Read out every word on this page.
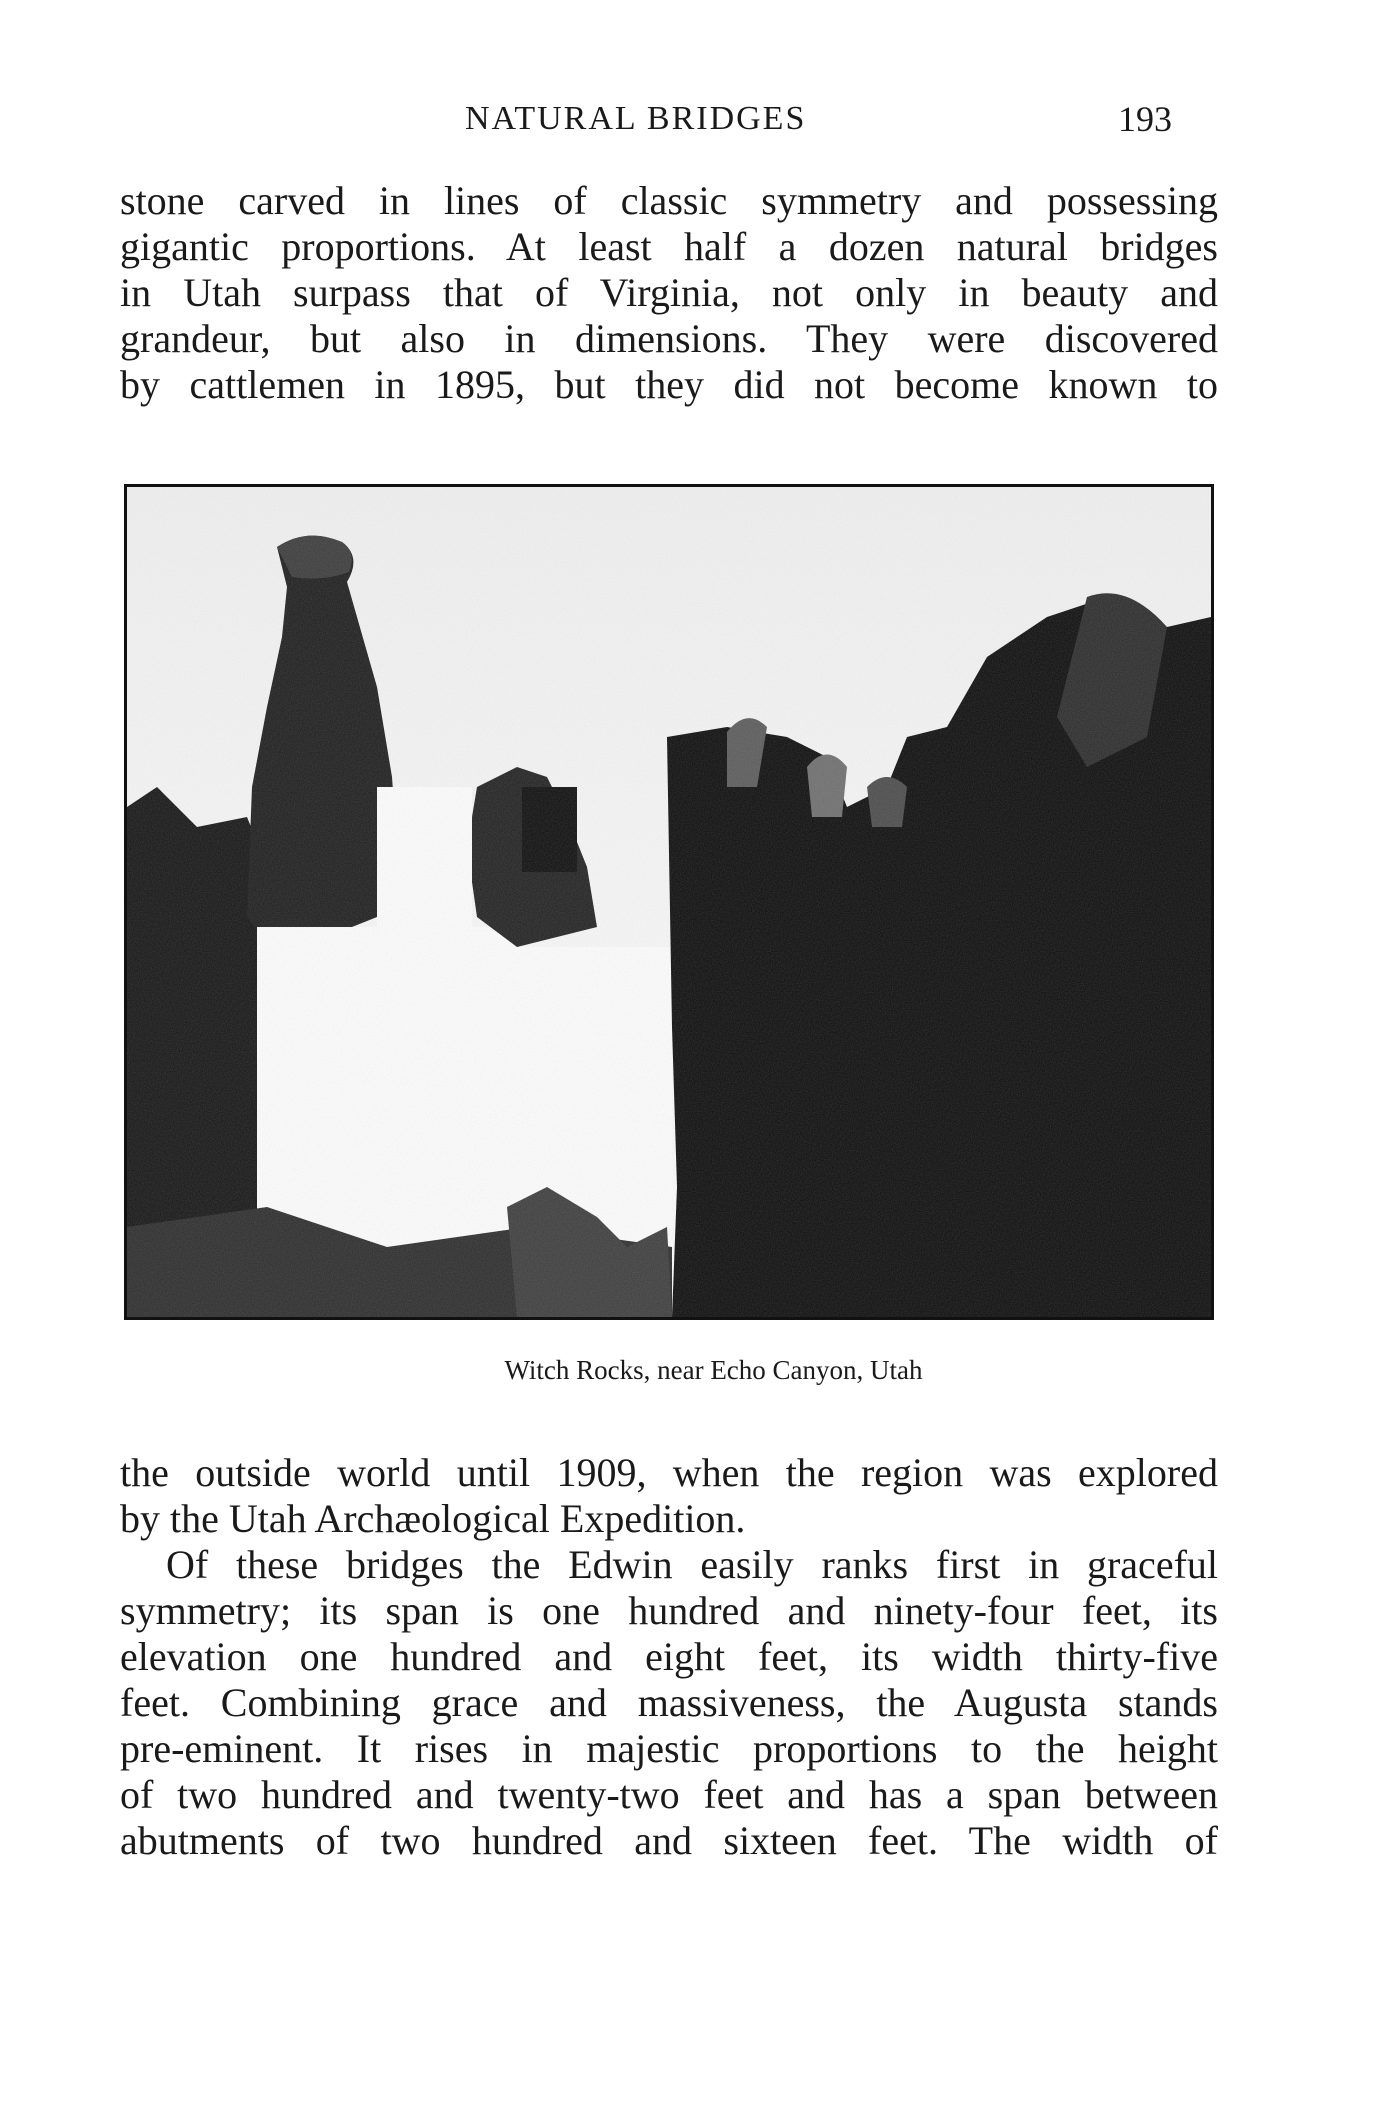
NATURAL BRIDGES	193
stone carved in lines of classic symmetry and possessing
gigantic proportions. At least half a dozen natural bridges
in Utah surpass that of Virginia, not only in beauty and
grandeur, but also in dimensions. They were discovered
by cattlemen in 1895, but they did not become known to
Witch Rocks, near Echo Canyon, Utah
the outside world until 1909, when the region was explored
by the Utah Archæological Expedition.
Of these bridges the Edwin easily ranks first in graceful
symmetry; its span is one hundred and ninety-four feet, its
elevation one hundred and eight feet, its width thirty-five
feet. Combining grace and massiveness, the Augusta stands
pre-eminent. It rises in majestic proportions to the height
of two hundred and twenty-two feet and has a span between
abutments of two hundred and sixteen feet. The width of
